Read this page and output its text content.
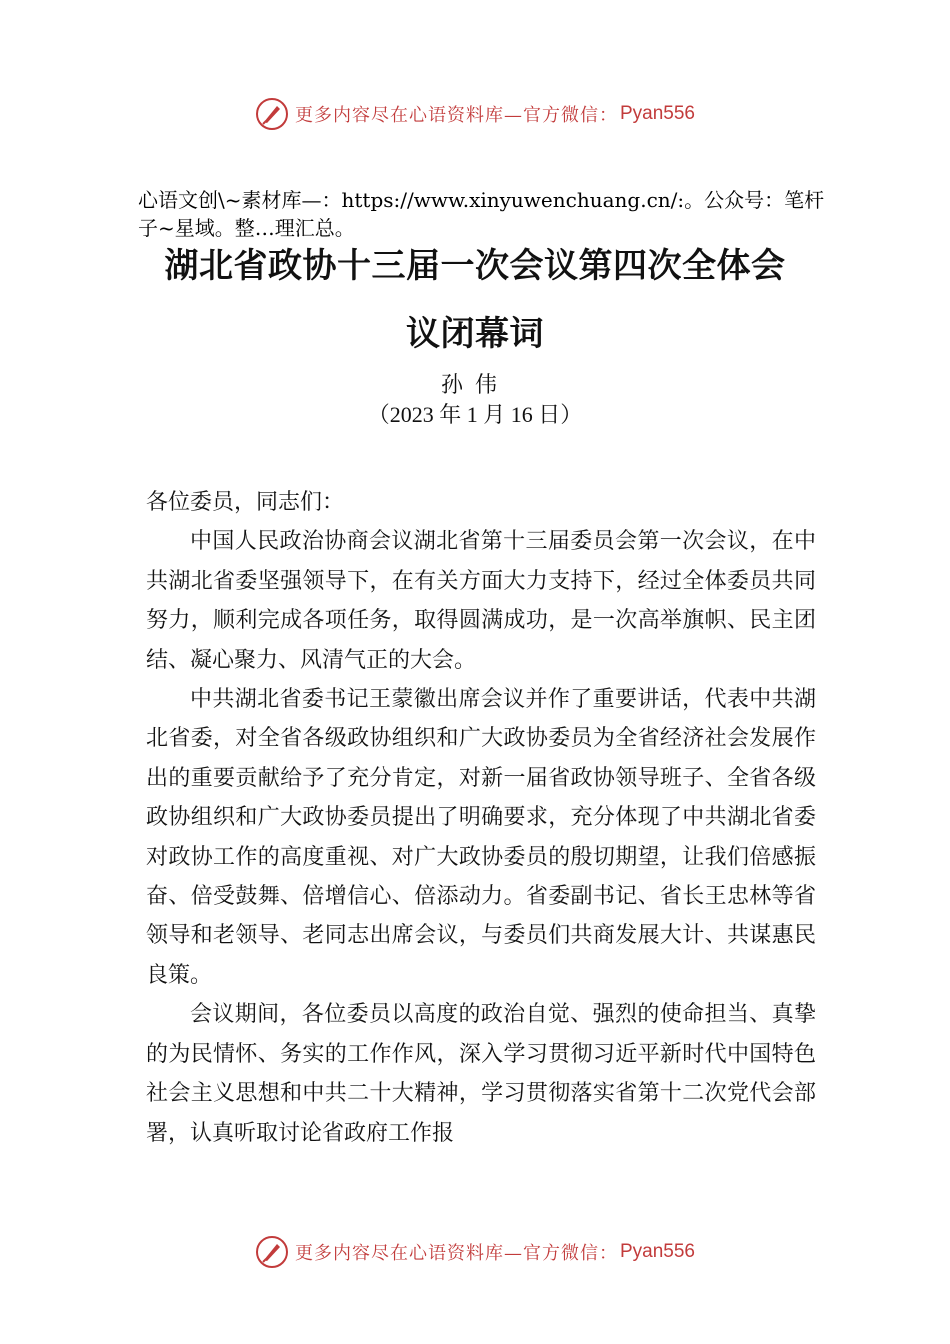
更多内容尽在心语资料库—官方微信： Pyan556
心语文创\~素材库—：https://www.xinyuwenchuang.cn/:。公众号：笔杆子~星域。整…理汇总。
湖北省政协十三届一次会议第四次全体会
议闭幕词
孙伟
（2023 年 1 月 16 日）

各位委员，同志们：

中国人民政治协商会议湖北省第十三届委员会第一次会议，在中共湖北省委坚强领导下，在有关方面大力支持下，经过全体委员共同努力，顺利完成各项任务，取得圆满成功，是一次高举旗帜、民主团结、凝心聚力、风清气正的大会。

中共湖北省委书记王蒙徽出席会议并作了重要讲话，代表中共湖北省委，对全省各级政协组织和广大政协委员为全省经济社会发展作出的重要贡献给予了充分肯定，对新一届省政协领导班子、全省各级政协组织和广大政协委员提出了明确要求，充分体现了中共湖北省委对政协工作的高度重视、对广大政协委员的殷切期望，让我们倍感振奋、倍受鼓舞、倍增信心、倍添动力。省委副书记、省长王忠林等省领导和老领导、老同志出席会议，与委员们共商发展大计、共谋惠民良策。

会议期间，各位委员以高度的政治自觉、强烈的使命担当、真挚的为民情怀、务实的工作作风，深入学习贯彻习近平新时代中国特色社会主义思想和中共二十大精神，学习贯彻落实省第十二次党代会部署，认真听取讨论省政府工作报

更多内容尽在心语资料库—官方微信： Pyan556
